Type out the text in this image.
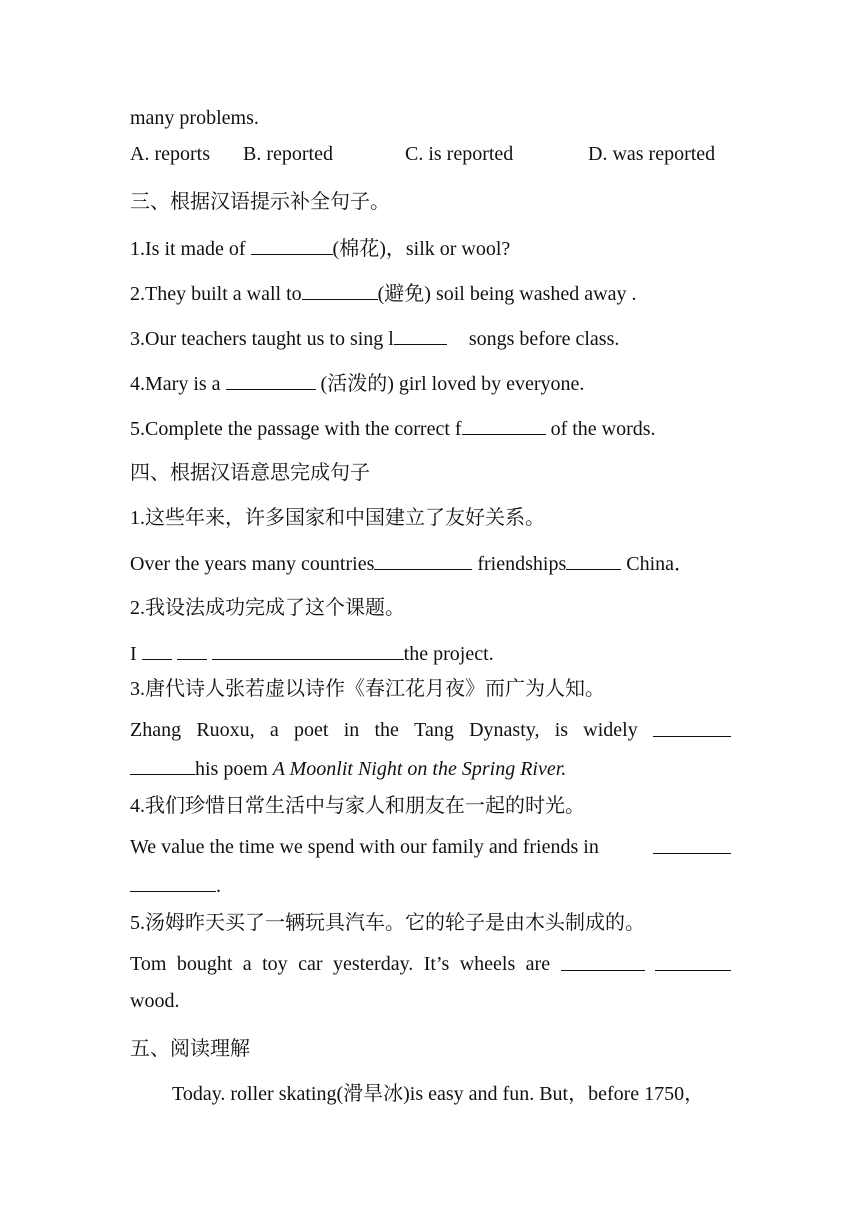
many problems.
A. reports B. reported	C. is reported	D. was reported
三、根据汉语提示补全句子。
1.Is it made of	(棉花)，silk or wool?
2.They built a wall to	(避免) soil being washed away .
3.Our teachers taught us to sing l	songs before class.
4.Mary is a	(活泼的) girl loved by everyone.
5.Complete the passage with the correct f	of the words.
四、根据汉语意思完成句子
1.这些年来，许多国家和中国建立了友好关系。
Over the years many countries	friendships	China．
2.我设法成功完成了这个课题。
I	the project.
3.唐代诗人张若虚以诗作《春江花月夜》而广为人知。
Zhang Ruoxu, a poet in the Tang Dynasty, is widely
his poem A Moonlit Night on the Spring River.
4.我们珍惜日常生活中与家人和朋友在一起的时光。
We value the time we spend with our family and friends in
.
5.汤姆昨天买了一辆玩具汽车。它的轮子是由木头制成的。
Tom bought a toy car yesterday. It’s wheels are
wood.
五、阅读理解
Today. roller skating(滑旱冰)is easy and fun. But，before 1750，
